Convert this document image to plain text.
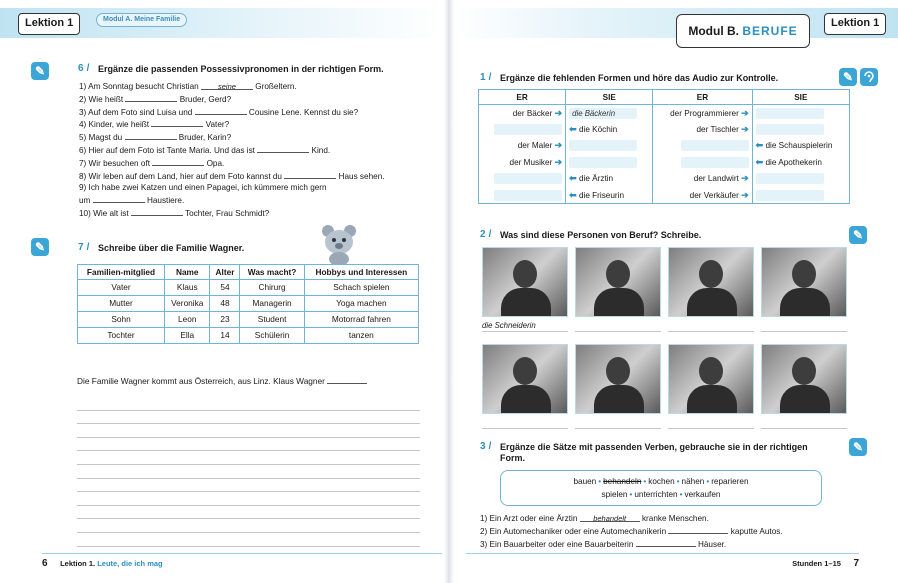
Lektion 1	Modul A. Meine Familie
Modul B. BERUFE
Lektion 1
✎	6 / Ergänze die passenden Possessivpronomen in der richtigen Form.
1) Am Sonntag besucht Christian	seine Großeltern.
2) Wie heißt	Bruder, Gerd?
3) Auf dem Foto sind Luisa und	Cousine Lene. Kennst du sie?
4) Kinder, wie heißt	Vater?
5) Magst du	Bruder, Karin?
6) Hier auf dem Foto ist Tante Maria. Und das ist	Kind.
7) Wir besuchen oft	Opa.
8) Wir leben auf dem Land, hier auf dem Foto kannst du	Haus sehen.
9) Ich habe zwei Katzen und einen Papagei, ich kümmere mich gern
um	Haustiere.
10) Wie alt ist	Tochter, Frau Schmidt?
✎	7 / Schreibe über die Familie Wagner.
Familien-mitglied	Name	Alter	Was macht?	Hobbys und Interessen
Vater	Klaus	54	Chirurg	Schach spielen
Mutter	Veronika	48	Managerin	Yoga machen
Sohn	Leon	23	Student	Motorrad fahren
Tochter	Ella	14	Schülerin	tanzen
Die Familie Wagner kommt aus Österreich, aus Linz. Klaus Wagner
6 Lektion 1. Leute, die ich mag
1 / Ergänze die fehlenden Formen und höre das Audio zur Kontrolle.	✎
ER	SIE	ER	SIE
der Bäcker ➔	die Bäckerin	der Programmierer ➔	
	⬅ die Köchin	der Tischler ➔	
der Maler ➔			⬅ die Schauspielerin
der Musiker ➔			⬅ die Apothekerin
	⬅ die Ärztin	der Landwirt ➔	
	⬅ die Friseurin	der Verkäufer ➔	
2 / Was sind diese Personen von Beruf? Schreibe.	✎
die Schneiderin
3 / Ergänze die Sätze mit passenden Verben, gebrauche sie in der richtigen Form.
✎
bauen • behandeln • kochen • nähen • reparieren
spielen • unterrichten • verkaufen
1) Ein Arzt oder eine Ärztin behandelt kranke Menschen.
2) Ein Automechaniker oder eine Automechanikerin	kaputte Autos.
3) Ein Bauarbeiter oder eine Bauarbeiterin	Häuser.
Stunden 1–15 7
